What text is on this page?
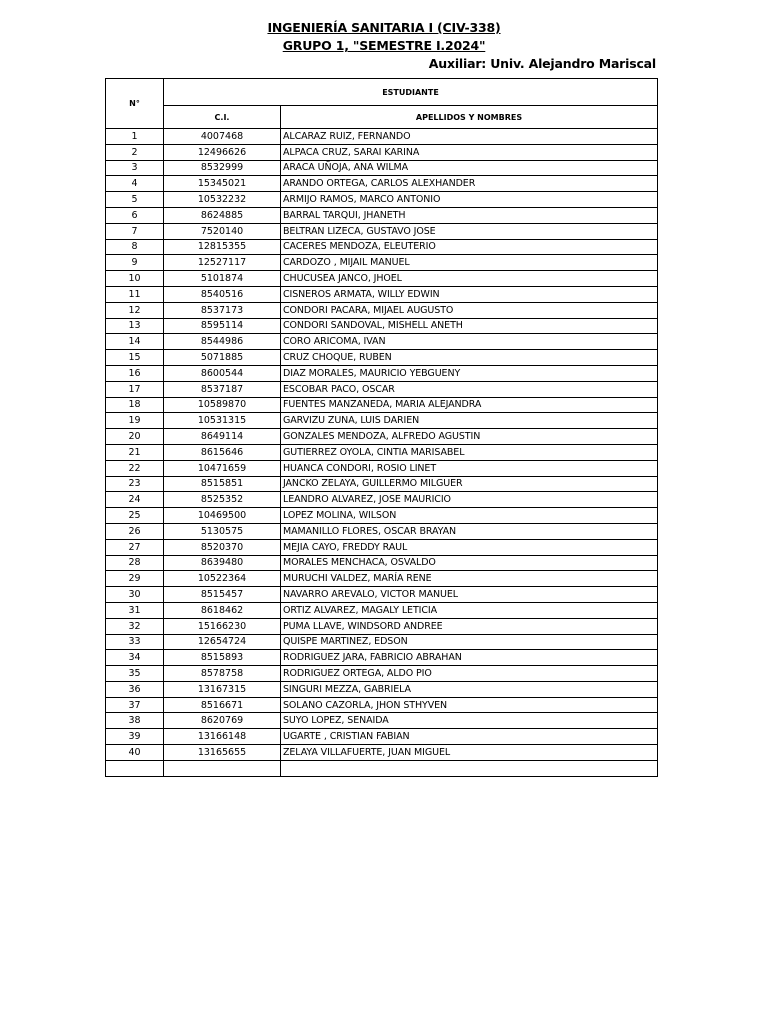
INGENIERÍA SANITARIA I (CIV-338)
GRUPO 1, "SEMESTRE I.2024"
Auxiliar: Univ. Alejandro Mariscal
N°	ESTUDIANTE	
	C.I.	APELLIDOS Y NOMBRES
1	4007468	ALCARAZ RUIZ, FERNANDO
2	12496626	ALPACA CRUZ, SARAI KARINA
3	8532999	ARACA UÑOJA, ANA WILMA
4	15345021	ARANDO ORTEGA, CARLOS ALEXHANDER
5	10532232	ARMIJO RAMOS, MARCO ANTONIO
6	8624885	BARRAL TARQUI, JHANETH
7	7520140	BELTRAN LIZECA, GUSTAVO JOSE
8	12815355	CACERES MENDOZA, ELEUTERIO
9	12527117	CARDOZO , MIJAIL MANUEL
10	5101874	CHUCUSEA JANCO, JHOEL
11	8540516	CISNEROS ARMATA, WILLY EDWIN
12	8537173	CONDORI PACARA, MIJAEL AUGUSTO
13	8595114	CONDORI SANDOVAL, MISHELL ANETH
14	8544986	CORO ARICOMA, IVAN
15	5071885	CRUZ CHOQUE, RUBEN
16	8600544	DIAZ MORALES, MAURICIO YEBGUENY
17	8537187	ESCOBAR PACO, OSCAR
18	10589870	FUENTES MANZANEDA, MARIA ALEJANDRA
19	10531315	GARVIZU ZUNA, LUIS DARIEN
20	8649114	GONZALES MENDOZA, ALFREDO AGUSTIN
21	8615646	GUTIERREZ OYOLA, CINTIA MARISABEL
22	10471659	HUANCA CONDORI, ROSIO LINET
23	8515851	JANCKO ZELAYA, GUILLERMO MILGUER
24	8525352	LEANDRO ALVAREZ, JOSE MAURICIO
25	10469500	LOPEZ MOLINA, WILSON
26	5130575	MAMANILLO FLORES, OSCAR BRAYAN
27	8520370	MEJIA CAYO, FREDDY RAUL
28	8639480	MORALES MENCHACA, OSVALDO
29	10522364	MURUCHI VALDEZ, MARÍA RENE
30	8515457	NAVARRO AREVALO, VICTOR MANUEL
31	8618462	ORTIZ ALVAREZ, MAGALY LETICIA
32	15166230	PUMA LLAVE, WINDSORD ANDREE
33	12654724	QUISPE MARTINEZ, EDSON
34	8515893	RODRIGUEZ JARA, FABRICIO ABRAHAN
35	8578758	RODRIGUEZ ORTEGA, ALDO PIO
36	13167315	SINGURI MEZZA, GABRIELA
37	8516671	SOLANO CAZORLA, JHON STHYVEN
38	8620769	SUYO LOPEZ, SENAIDA
39	13166148	UGARTE , CRISTIAN FABIAN
40	13165655	ZELAYA VILLAFUERTE, JUAN MIGUEL
